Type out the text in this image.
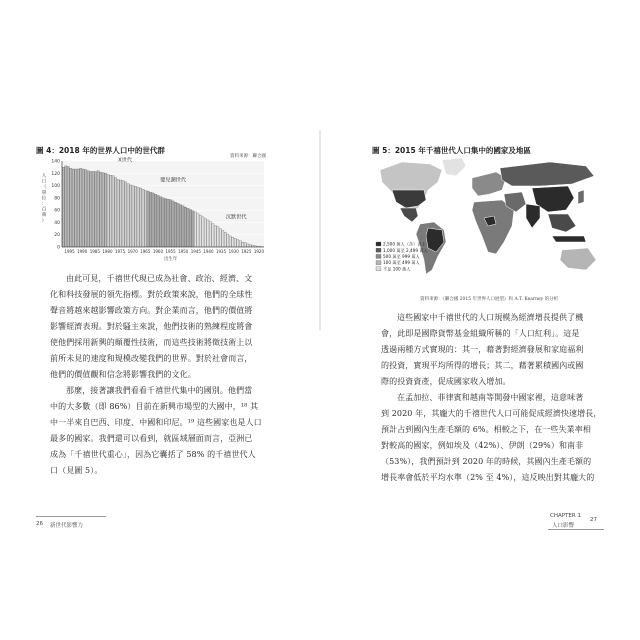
圖 4：2018 年的世界人口中的世代群
資料來源：聯合國
0
20
40
60
80
100
120
140
1995 1990 1985 1980 1975 1970 1965 1960 1955 1950 1945 1940 1935 1930 1925 1920
出生年
人
口
（
單
位
：
百
萬
）
X世代
嬰兒潮世代
沉默世代
由此可見，千禧世代現已成為社會、政治、經濟、文
化和科技發展的領先指標。對於政策來說，他們的全球性
聲音將越來越影響政策方向。對企業而言，他們的價值將
影響經濟表現。對於騷主來說，他們技術的熟練程度將會
使他們採用新興的顛覆性技術，而這些技術將徵技術上以
前所未見的速度和規模改變我們的世界。對於社會而言，
他們的價值觀和信念將影響我們的文化。
那麼，接著讓我們看看千禧世代集中的國別。他們當
中的大多數（即 86%）目前在新興市場型的大國中，¹⁸ 其
中一半來自巴西、印度、中國和印尼。¹⁹ 這些國家也是人口
最多的國家。我們還可以看到，就區域層面而言，亞洲已
成為「千禧世代重心」，因為它囊括了 58% 的千禧世代人
口（見圖 5）。
26 新世代影響力
圖 5：2015 年千禧世代人口集中的國家及地區
2,500 萬人（含）以上
1,000 萬至 2,499 萬人
500 萬至 999 萬人
100 萬至 499 萬人
不足 100 萬人
資料來源：《聯合國 2015 年世界人口展望》和 A.T. Kearney 的分析
這些國家中千禧世代的人口規模為經濟增長提供了機
會，此即是國際貨幣基金組織所稱的「人口紅利」。這是
透過兩種方式實現的：其一，藉著對經濟發展和家庭福利
的投資，實現平均所得的增長；其二，藉著累積國內或國
際的投資資產，促成國家收入增加。
在孟加拉、菲律賓和越南等開發中國家裡，這意味著
到 2020 年，其龐大的千禧世代人口可能促成經濟快速增長，
預計占到國內生產毛額的 6%。相較之下，在一些失業率相
對較高的國家，例如埃及（42%）、伊朗（29%）和南非
（53%），我們預計到 2020 年的時候，其國內生產毛額的
增長率會低於平均水準（2% 至 4%），這反映出對其龐大的
CHAPTER 1
人口影響
27
